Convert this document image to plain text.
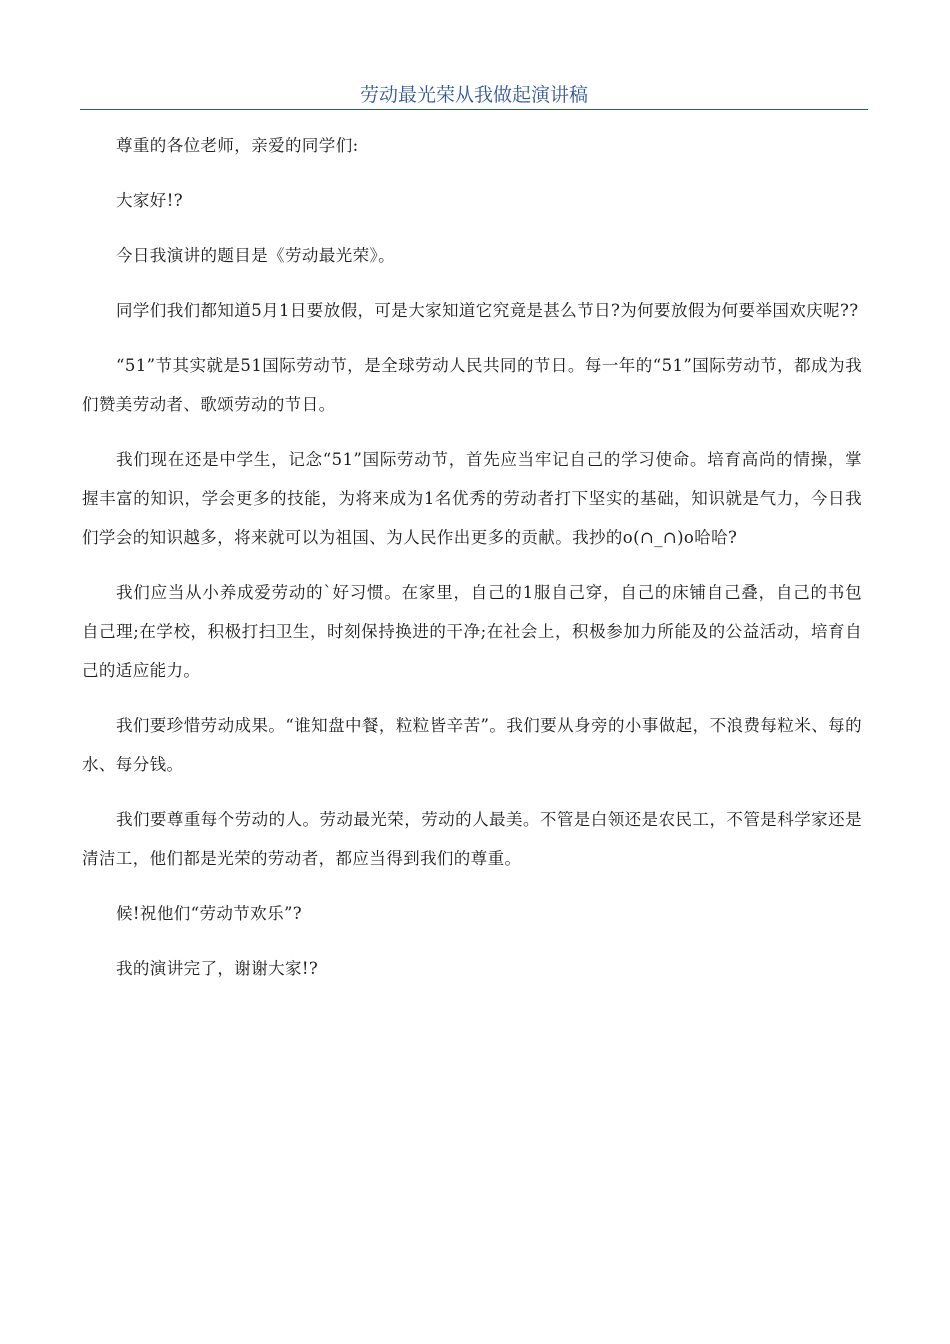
劳动最光荣从我做起演讲稿

尊重的各位老师，亲爱的同学们:

大家好!?

今日我演讲的题目是《劳动最光荣》。

同学们我们都知道5月1日要放假，可是大家知道它究竟是甚么节日?为何要放假为何要举国欢庆呢??

“51”节其实就是51国际劳动节，是全球劳动人民共同的节日。每一年的“51”国际劳动节，都成为我们赞美劳动者、歌颂劳动的节日。

我们现在还是中学生，记念“51”国际劳动节，首先应当牢记自己的学习使命。培育高尚的情操，掌握丰富的知识，学会更多的技能，为将来成为1名优秀的劳动者打下坚实的基础，知识就是气力，今日我们学会的知识越多，将来就可以为祖国、为人民作出更多的贡献。我抄的o(∩_∩)o哈哈?

我们应当从小养成爱劳动的`好习惯。在家里，自己的1服自己穿，自己的床铺自己叠，自己的书包自己理;在学校，积极打扫卫生，时刻保持换进的干净;在社会上，积极参加力所能及的公益活动，培育自己的适应能力。

我们要珍惜劳动成果。“谁知盘中餐，粒粒皆辛苦”。我们要从身旁的小事做起，不浪费每粒米、每的水、每分钱。

我们要尊重每个劳动的人。劳动最光荣，劳动的人最美。不管是白领还是农民工，不管是科学家还是清洁工，他们都是光荣的劳动者，都应当得到我们的尊重。

候!祝他们“劳动节欢乐”?

我的演讲完了，谢谢大家!?
